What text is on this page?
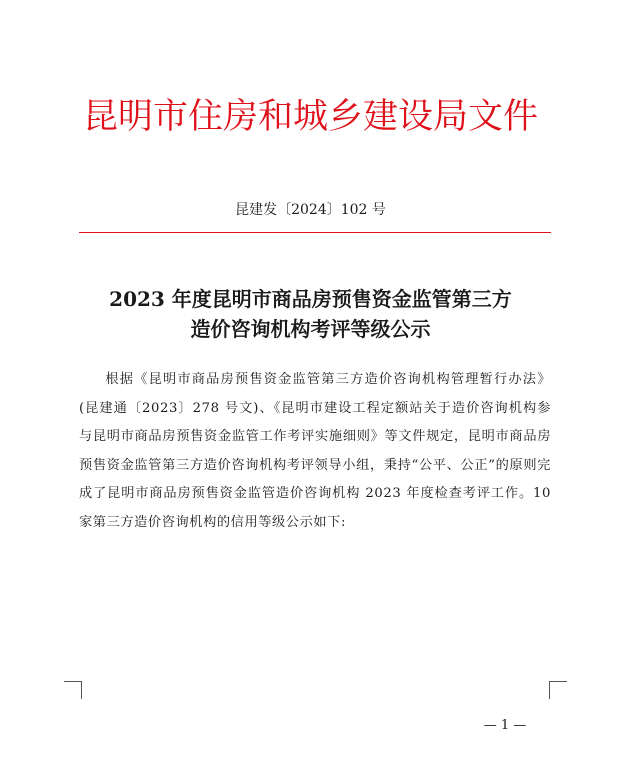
昆明市住房和城乡建设局文件
昆建发〔2024〕102 号
2023 年度昆明市商品房预售资金监管第三方
造价咨询机构考评等级公示
根据《昆明市商品房预售资金监管第三方造价咨询机构管理暂行办法》(昆建通〔2023〕278 号文)、《昆明市建设工程定额站关于造价咨询机构参与昆明市商品房预售资金监管工作考评实施细则》等文件规定，昆明市商品房预售资金监管第三方造价咨询机构考评领导小组，秉持“公平、公正”的原则完成了昆明市商品房预售资金监管造价咨询机构 2023 年度检查考评工作。10 家第三方造价咨询机构的信用等级公示如下:
— 1 —
